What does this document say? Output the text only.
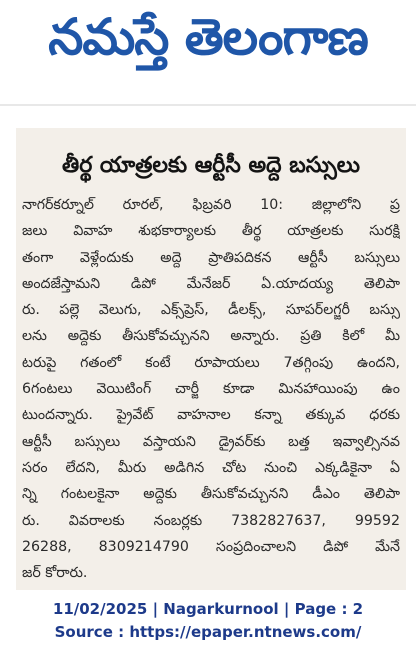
నమస్తే తెలంగాణ
తీర్థ యాత్రలకు ఆర్టీసీ అద్దె బస్సులు
నాగర్‌కర్నూల్ రూరల్, ఫిబ్రవరి 10: జిల్లాలోని ప్ర
జలు వివాహ శుభకార్యాలకు తీర్థ యాత్రలకు సురక్షి
తంగా వెళ్లేందుకు అద్దె ప్రాతిపదికన ఆర్టీసీ బస్సులు
అందజేస్తామని డిపో మేనేజర్ ఏ.యాదయ్య తెలిపా
రు. పల్లె వెలుగు, ఎక్స్‌ప్రెస్, డీలక్స్, సూపర్‌లగ్జరీ బస్సు
లను అద్దెకు తీసుకోవచ్చునని అన్నారు. ప్రతి కిలో మీ
టరుపై గతంలో కంటే రూపాయలు 7తగ్గింపు ఉందని,
6గంటలు వెయిటింగ్ చార్జీ కూడా మినహాయింపు ఉం
టుందన్నారు. ప్రైవేట్ వాహనాల కన్నా తక్కువ ధరకు
ఆర్టీసీ బస్సులు వస్తాయని డ్రైవర్‌కు బత్త ఇవ్వాల్సినవ
సరం లేదని, మీరు అడిగిన చోట నుంచి ఎక్కడికైనా ఏ
న్ని గంటలకైనా అద్దెకు తీసుకోవచ్చునని డీఎం తెలిపా
రు. వివరాలకు నంబర్లకు 7382827637, 99592
26288, 8309214790 సంప్రదించాలని డిపో మేనే
జర్ కోరారు.
11/02/2025 | Nagarkurnool | Page : 2
Source : https://epaper.ntnews.com/
